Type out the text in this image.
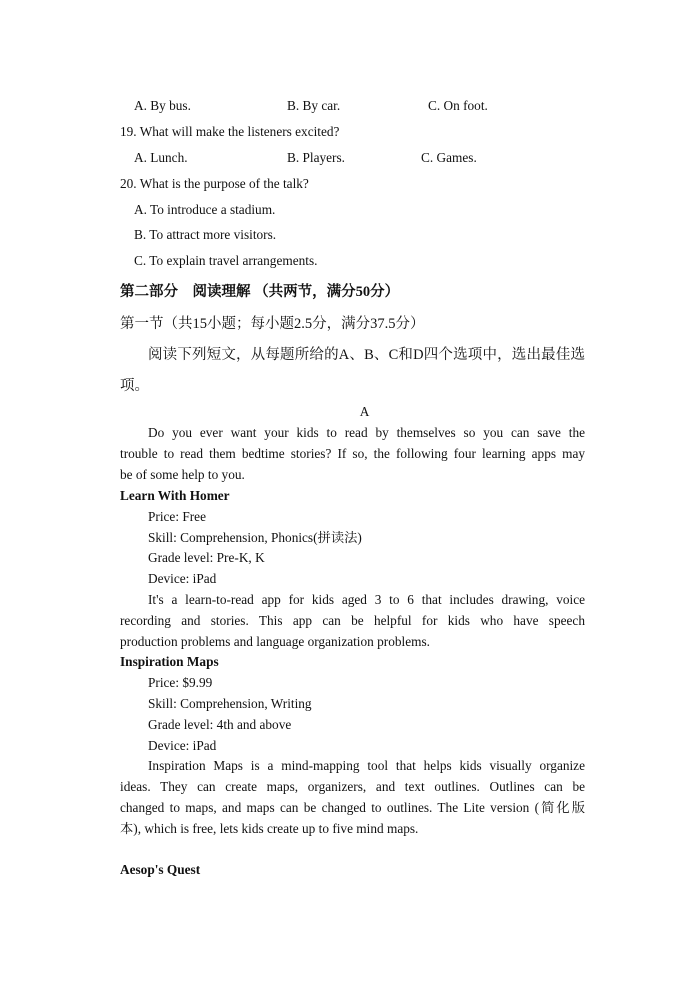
A. By bus.	B. By car.	C. On foot.
19. What will make the listeners excited?
A. Lunch.	B. Players.	C. Games.
20. What is the purpose of the talk?
A. To introduce a stadium.
B. To attract more visitors.
C. To explain travel arrangements.
第二部分　阅读理解 （共两节，满分50分）
第一节（共15小题；每小题2.5分，满分37.5分）
阅读下列短文，从每题所给的A、B、C和D四个选项中，选出最佳选
项。
A
Do you ever want your kids to read by themselves so you can save the
trouble to read them bedtime stories? If so, the following four learning apps may
be of some help to you.
Learn With Homer
Price: Free
Skill: Comprehension, Phonics(拼读法)
Grade level: Pre-K, K
Device: iPad
It's a learn-to-read app for kids aged 3 to 6 that includes drawing, voice
recording and stories. This app can be helpful for kids who have speech
production problems and language organization problems.
Inspiration Maps
Price: $9.99
Skill: Comprehension, Writing
Grade level: 4th and above
Device: iPad
Inspiration Maps is a mind-mapping tool that helps kids visually organize
ideas. They can create maps, organizers, and text outlines. Outlines can be
changed to maps, and maps can be changed to outlines. The Lite version (简化版
本), which is free, lets kids create up to five mind maps.
Aesop's Quest
